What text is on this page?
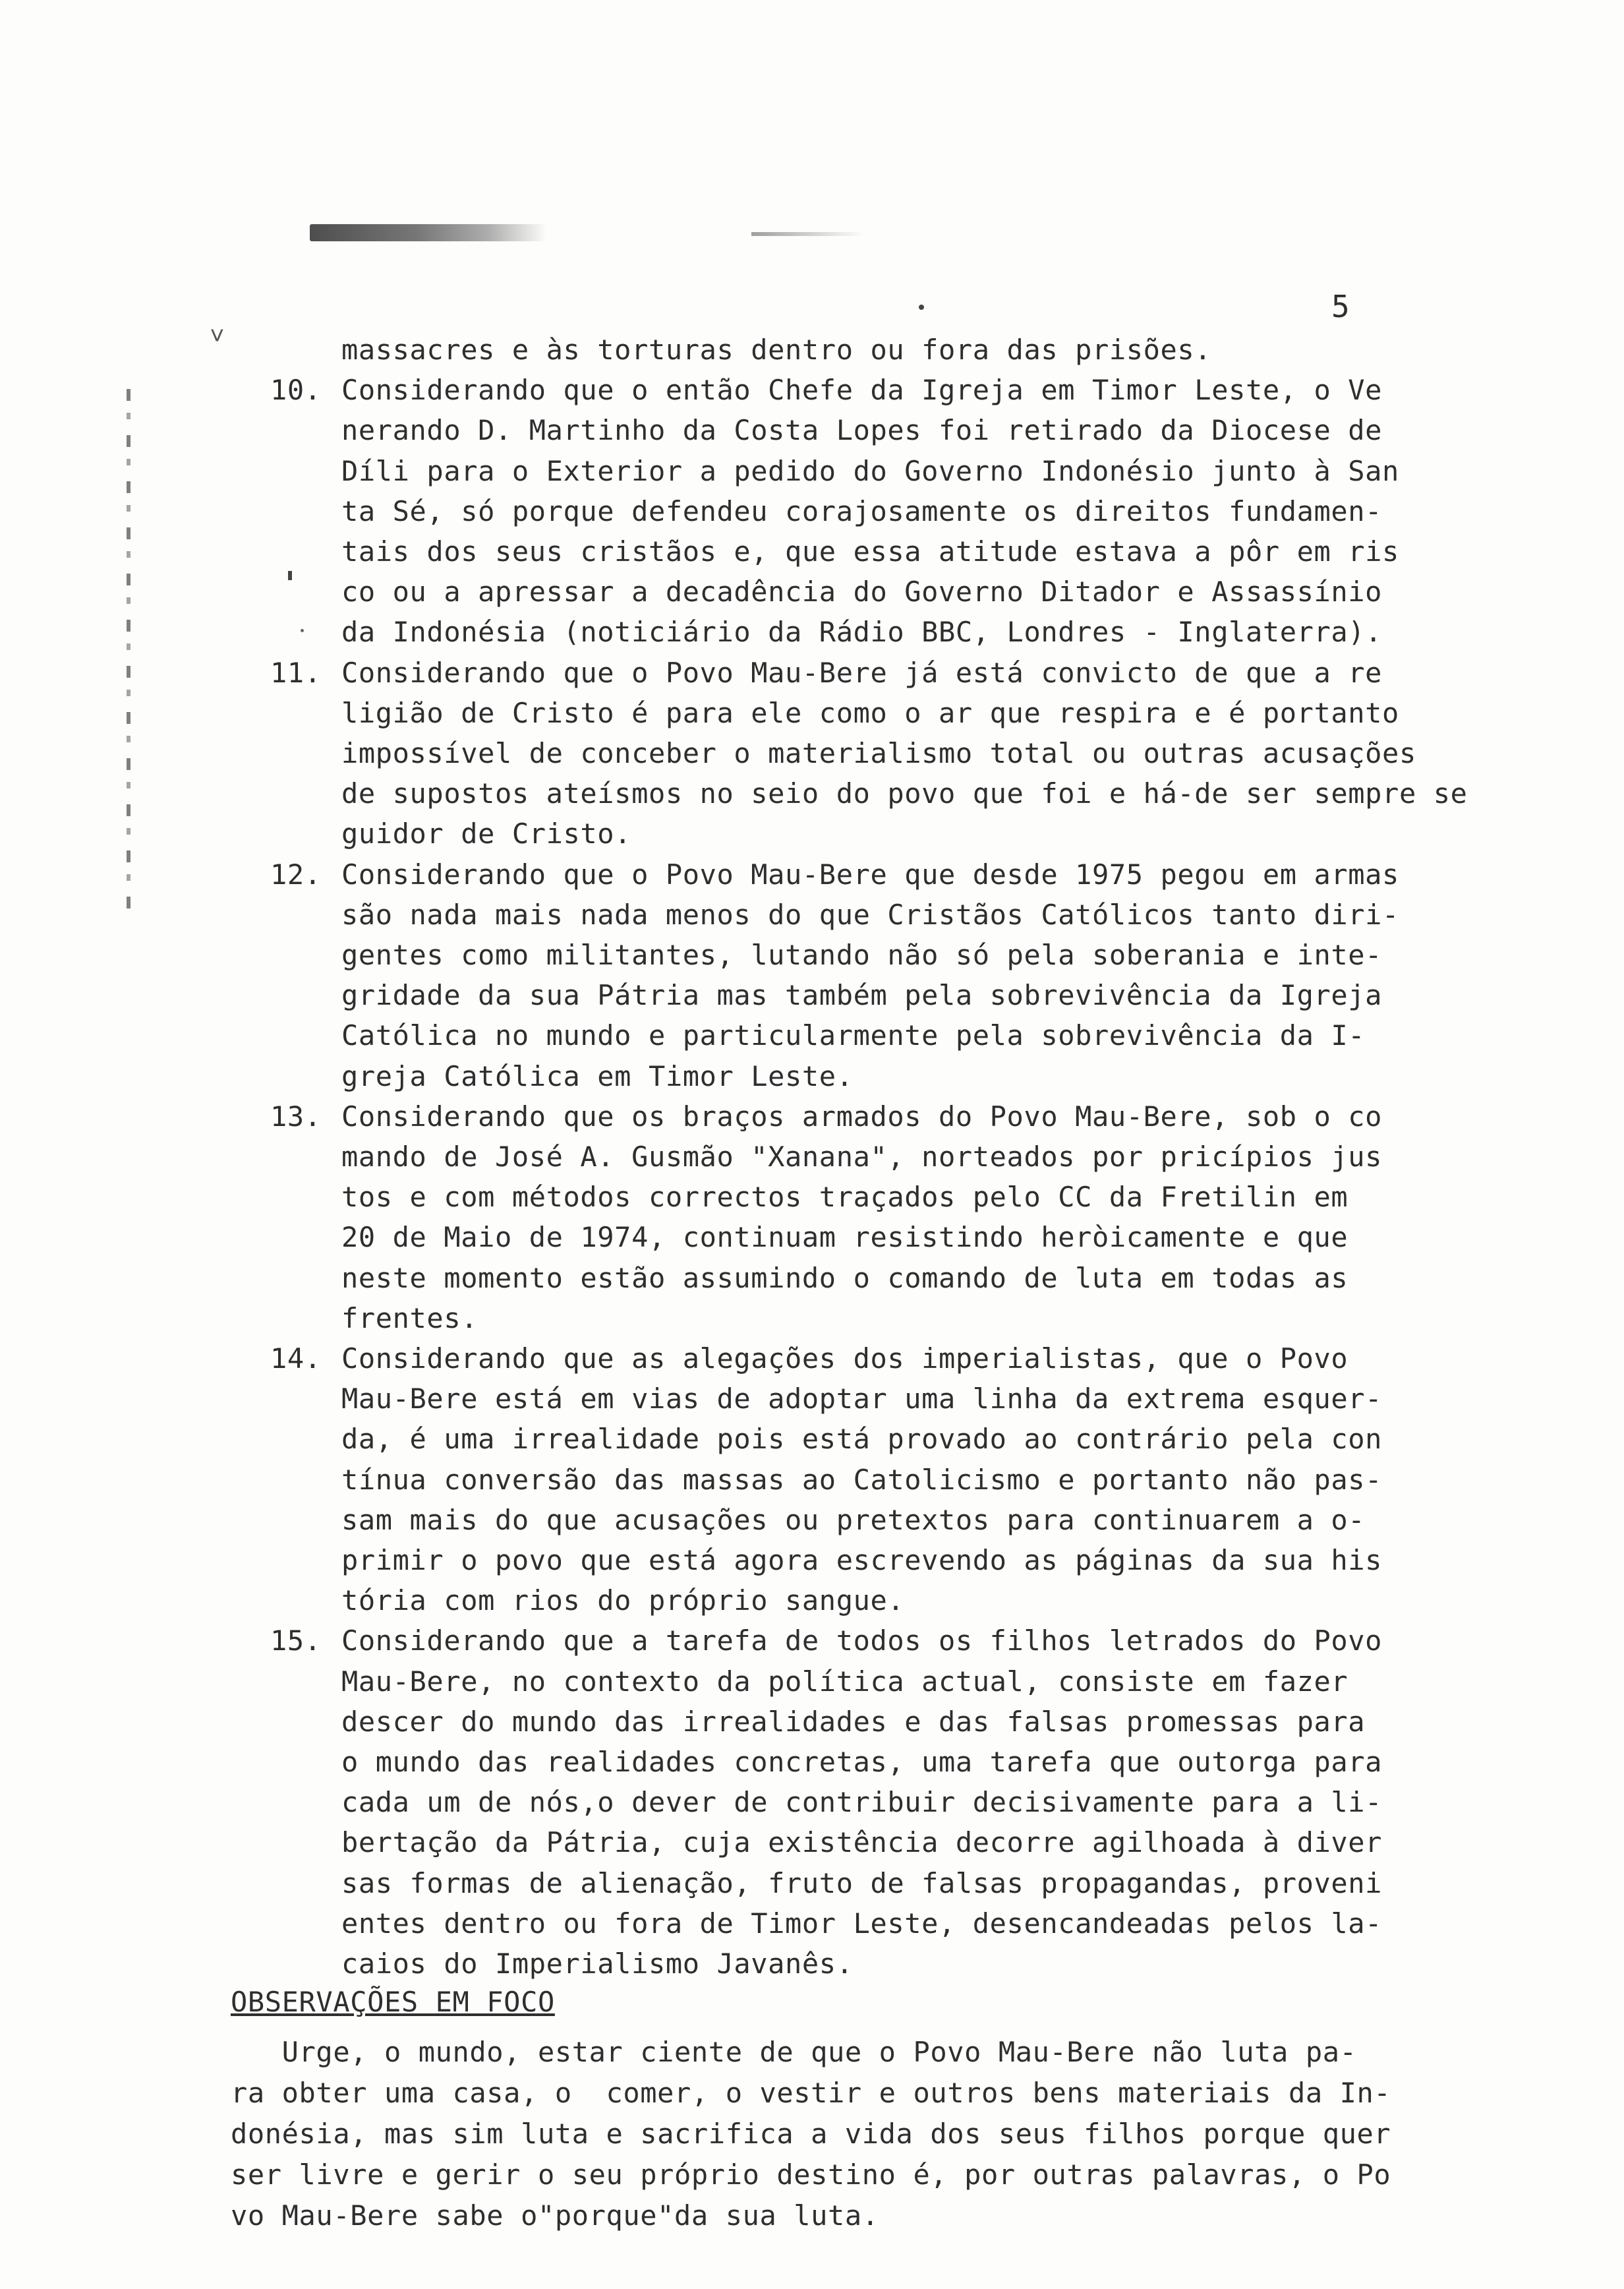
˅
5
massacres e às torturas dentro ou fora das prisões.
10. Considerando que o então Chefe da Igreja em Timor Leste, o Ve
nerando D. Martinho da Costa Lopes foi retirado da Diocese de
Díli para o Exterior a pedido do Governo Indonésio junto à San
ta Sé, só porque defendeu corajosamente os direitos fundamen-
tais dos seus cristãos e, que essa atitude estava a pôr em ris
co ou a apressar a decadência do Governo Ditador e Assassínio
da Indonésia (noticiário da Rádio BBC, Londres - Inglaterra).
11. Considerando que o Povo Mau-Bere já está convicto de que a re
ligião de Cristo é para ele como o ar que respira e é portanto
impossível de conceber o materialismo total ou outras acusações
de supostos ateísmos no seio do povo que foi e há-de ser sempre se
guidor de Cristo.
12. Considerando que o Povo Mau-Bere que desde 1975 pegou em armas
são nada mais nada menos do que Cristãos Católicos tanto diri-
gentes como militantes, lutando não só pela soberania e inte-
gridade da sua Pátria mas também pela sobrevivência da Igreja
Católica no mundo e particularmente pela sobrevivência da I-
greja Católica em Timor Leste.
13. Considerando que os braços armados do Povo Mau-Bere, sob o co
mando de José A. Gusmão "Xanana", norteados por pricípios jus
tos e com métodos correctos traçados pelo CC da Fretilin em
20 de Maio de 1974, continuam resistindo heròicamente e que
neste momento estão assumindo o comando de luta em todas as
frentes.
14. Considerando que as alegações dos imperialistas, que o Povo
Mau-Bere está em vias de adoptar uma linha da extrema esquer-
da, é uma irrealidade pois está provado ao contrário pela con
tínua conversão das massas ao Catolicismo e portanto não pas-
sam mais do que acusações ou pretextos para continuarem a o-
primir o povo que está agora escrevendo as páginas da sua his
tória com rios do próprio sangue.
15. Considerando que a tarefa de todos os filhos letrados do Povo
Mau-Bere, no contexto da política actual, consiste em fazer
descer do mundo das irrealidades e das falsas promessas para
o mundo das realidades concretas, uma tarefa que outorga para
cada um de nós,o dever de contribuir decisivamente para a li-
bertação da Pátria, cuja existência decorre agilhoada à diver
sas formas de alienação, fruto de falsas propagandas, proveni
entes dentro ou fora de Timor Leste, desencandeadas pelos la-
caios do Imperialismo Javanês.
OBSERVAÇÕES EM FOCO
Urge, o mundo, estar ciente de que o Povo Mau-Bere não luta pa-
ra obter uma casa, o  comer, o vestir e outros bens materiais da In-
donésia, mas sim luta e sacrifica a vida dos seus filhos porque quer
ser livre e gerir o seu próprio destino é, por outras palavras, o Po
vo Mau-Bere sabe o"porque"da sua luta.
